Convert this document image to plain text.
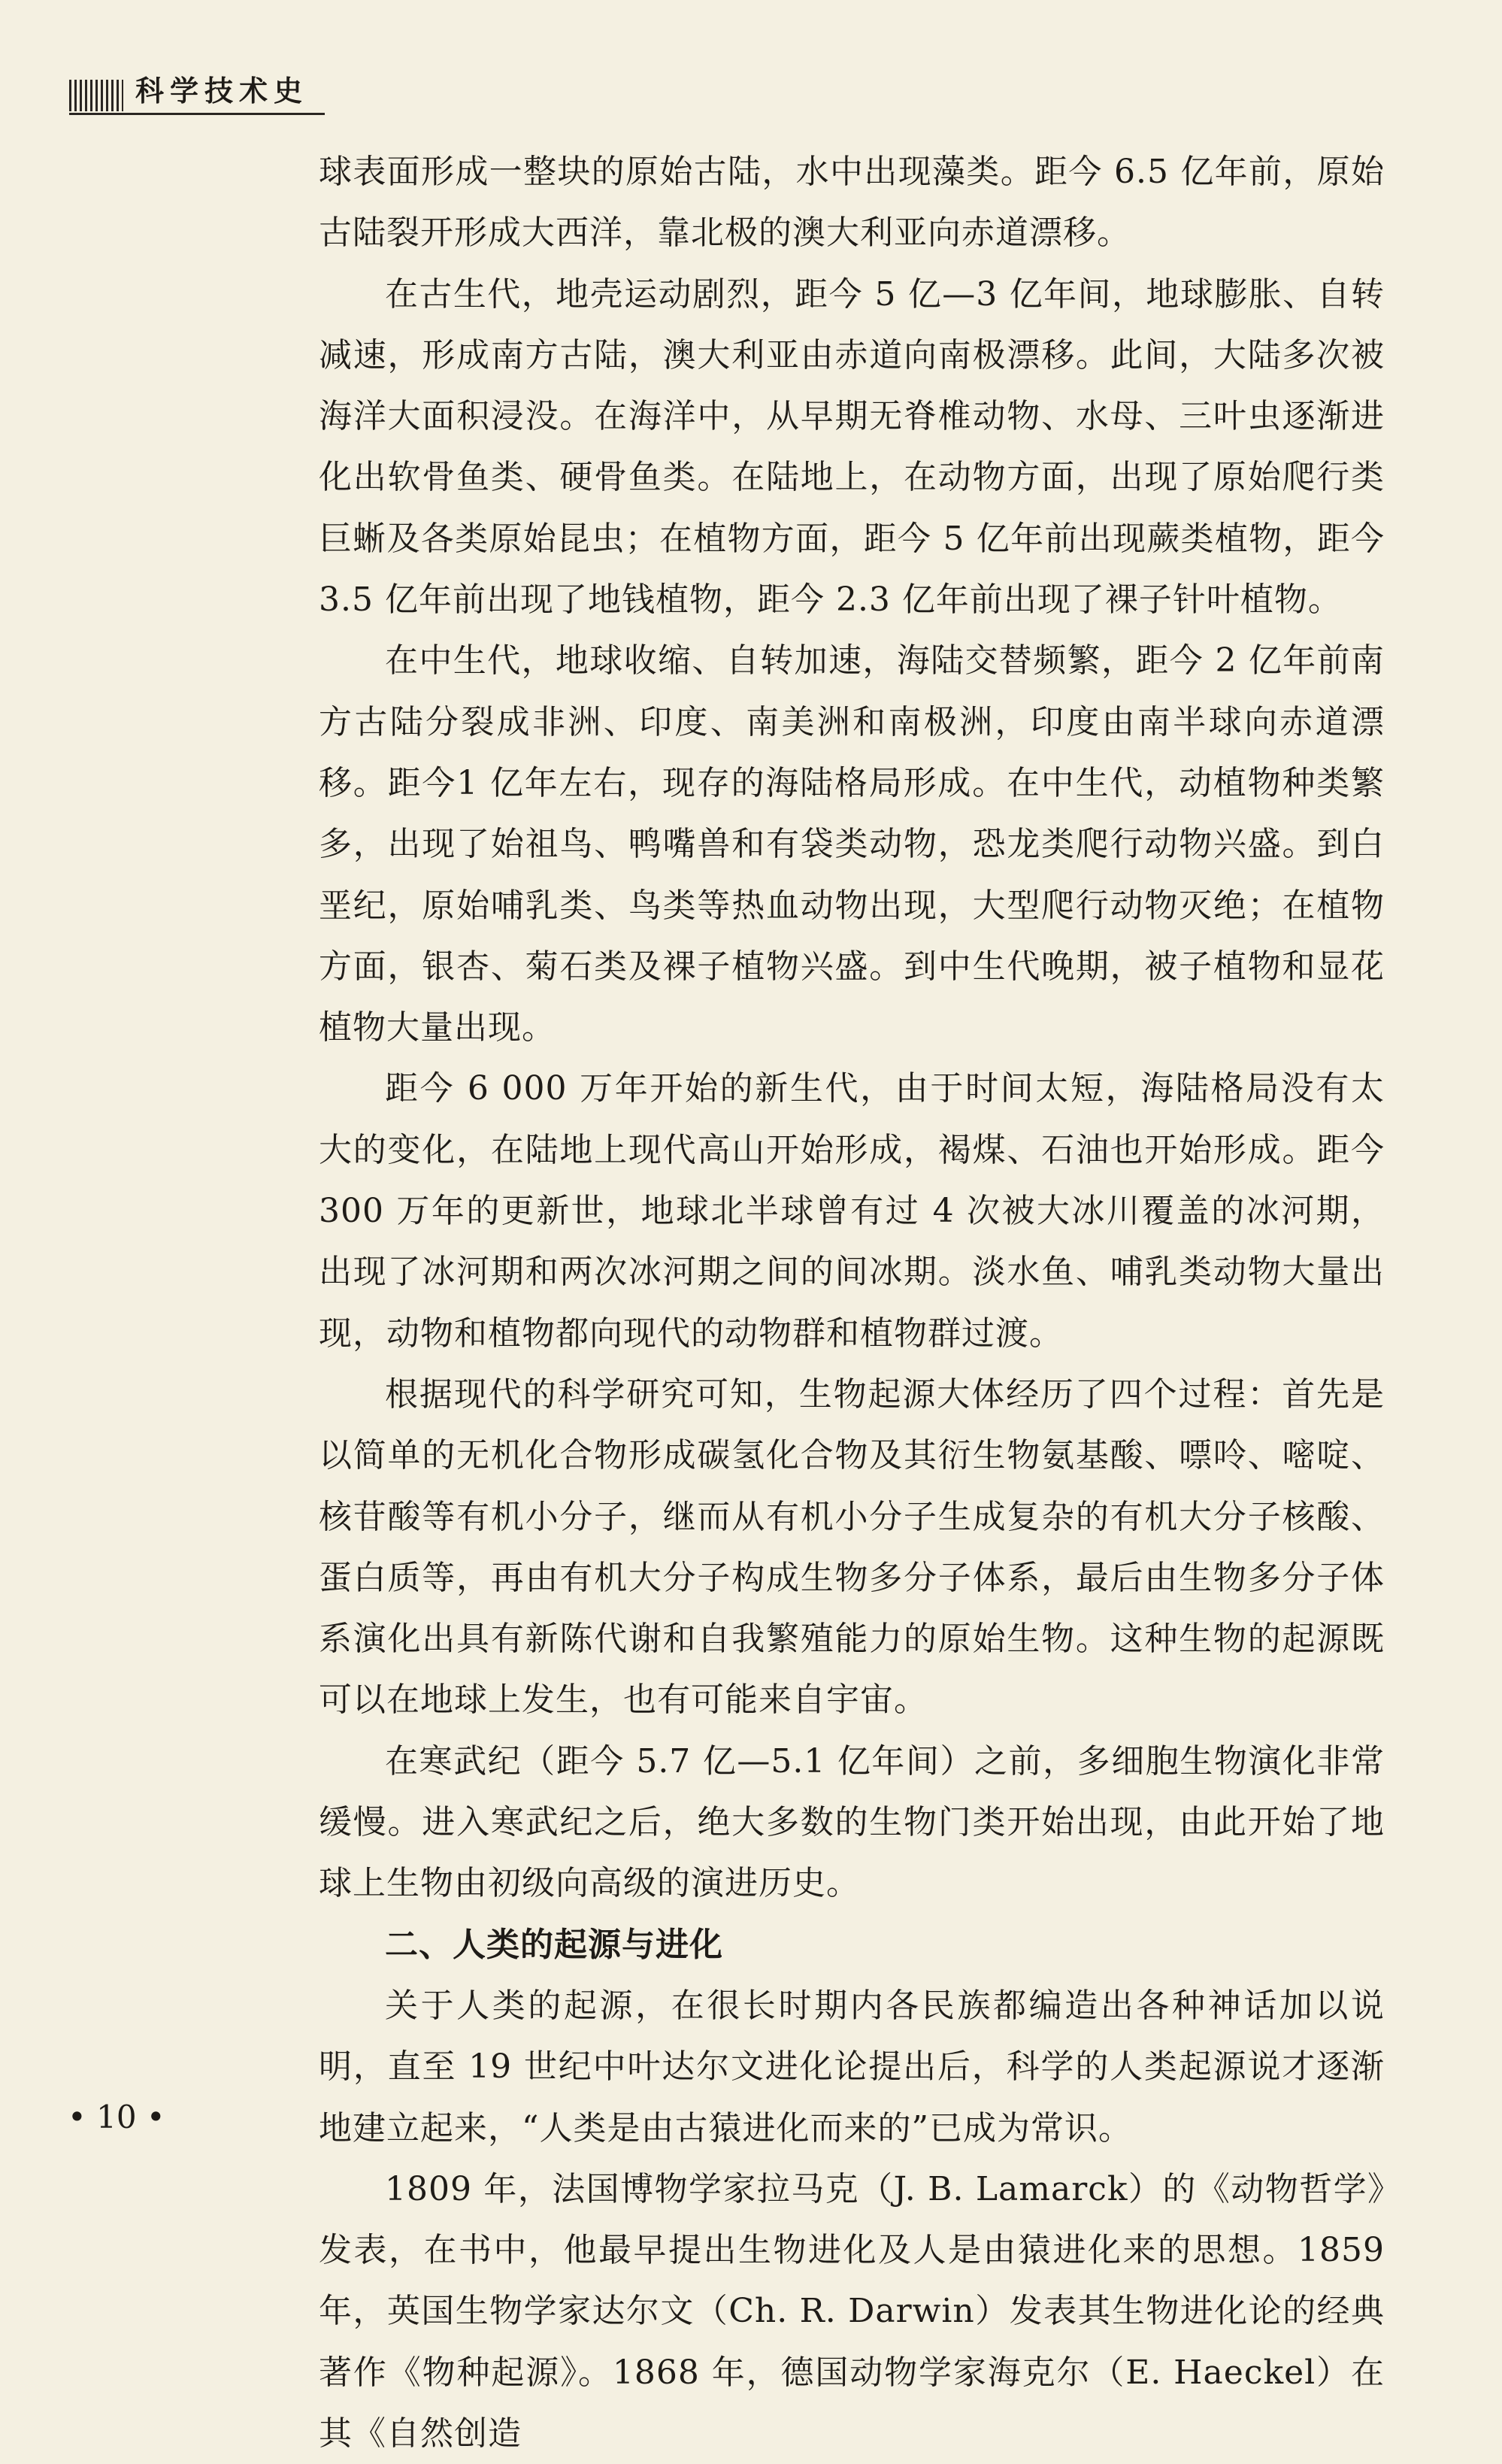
科学技术史

球表面形成一整块的原始古陆，水中出现藻类。距今 6.5 亿年前，原始古陆裂开形成大西洋，靠北极的澳大利亚向赤道漂移。

在古生代，地壳运动剧烈，距今 5 亿—3 亿年间，地球膨胀、自转减速，形成南方古陆，澳大利亚由赤道向南极漂移。此间，大陆多次被海洋大面积浸没。在海洋中，从早期无脊椎动物、水母、三叶虫逐渐进化出软骨鱼类、硬骨鱼类。在陆地上，在动物方面，出现了原始爬行类巨蜥及各类原始昆虫；在植物方面，距今 5 亿年前出现蕨类植物，距今 3.5 亿年前出现了地钱植物，距今 2.3 亿年前出现了裸子针叶植物。

在中生代，地球收缩、自转加速，海陆交替频繁，距今 2 亿年前南方古陆分裂成非洲、印度、南美洲和南极洲，印度由南半球向赤道漂移。距今1 亿年左右，现存的海陆格局形成。在中生代，动植物种类繁多，出现了始祖鸟、鸭嘴兽和有袋类动物，恐龙类爬行动物兴盛。到白垩纪，原始哺乳类、鸟类等热血动物出现，大型爬行动物灭绝；在植物方面，银杏、菊石类及裸子植物兴盛。到中生代晚期，被子植物和显花植物大量出现。

距今 6 000 万年开始的新生代，由于时间太短，海陆格局没有太大的变化，在陆地上现代高山开始形成，褐煤、石油也开始形成。距今 300 万年的更新世，地球北半球曾有过 4 次被大冰川覆盖的冰河期，出现了冰河期和两次冰河期之间的间冰期。淡水鱼、哺乳类动物大量出现，动物和植物都向现代的动物群和植物群过渡。

根据现代的科学研究可知，生物起源大体经历了四个过程：首先是以简单的无机化合物形成碳氢化合物及其衍生物氨基酸、嘌呤、嘧啶、核苷酸等有机小分子，继而从有机小分子生成复杂的有机大分子核酸、蛋白质等，再由有机大分子构成生物多分子体系，最后由生物多分子体系演化出具有新陈代谢和自我繁殖能力的原始生物。这种生物的起源既可以在地球上发生，也有可能来自宇宙。

在寒武纪（距今 5.7 亿—5.1 亿年间）之前，多细胞生物演化非常缓慢。进入寒武纪之后，绝大多数的生物门类开始出现，由此开始了地球上生物由初级向高级的演进历史。

二、人类的起源与进化

关于人类的起源，在很长时期内各民族都编造出各种神话加以说明，直至 19 世纪中叶达尔文进化论提出后，科学的人类起源说才逐渐地建立起来，“人类是由古猿进化而来的”已成为常识。

1809 年，法国博物学家拉马克（J. B. Lamarck）的《动物哲学》发表，在书中，他最早提出生物进化及人是由猿进化来的思想。1859 年，英国生物学家达尔文（Ch. R. Darwin）发表其生物进化论的经典著作《物种起源》。1868 年，德国动物学家海克尔（E. Haeckel）在其《自然创造

• 10 •
